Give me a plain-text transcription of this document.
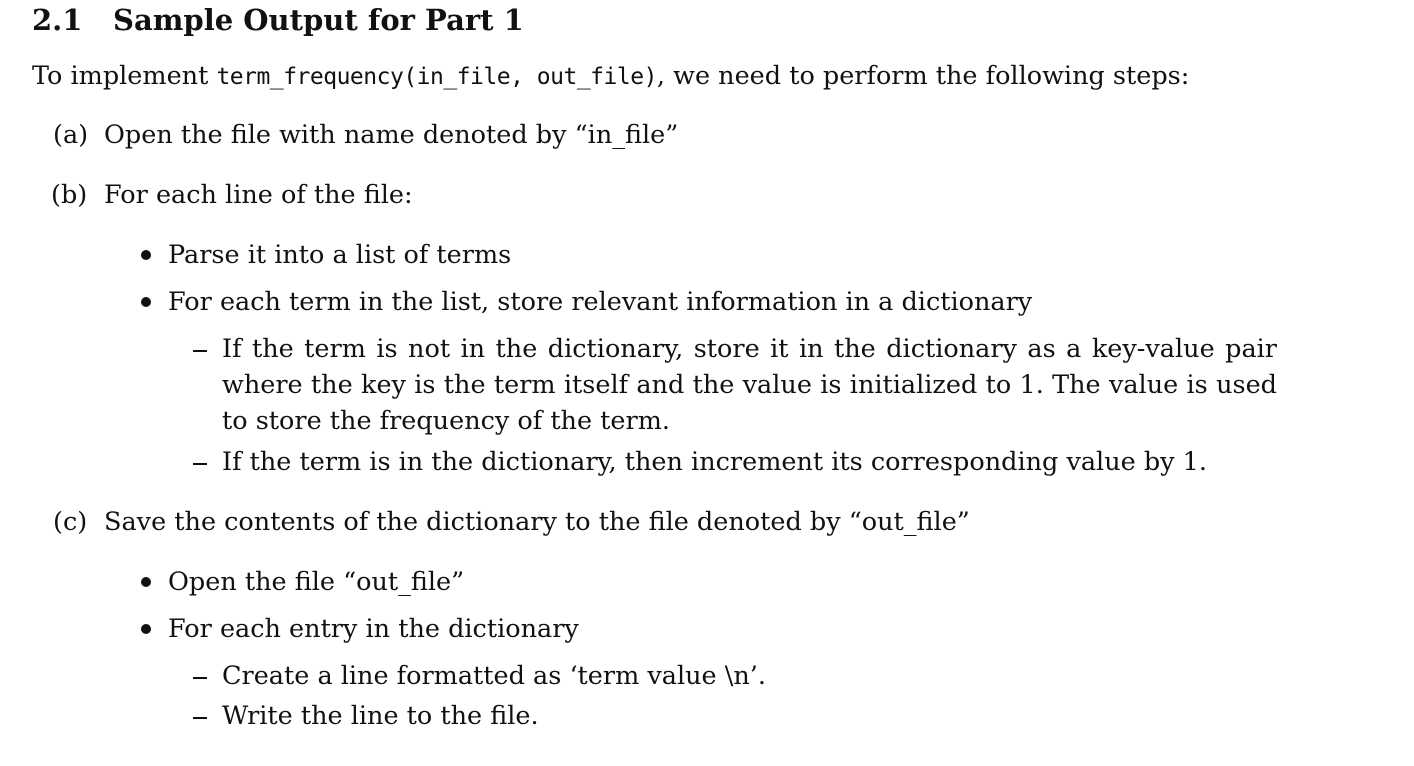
2.1 Sample Output for Part 1

To implement term_frequency(in_file, out_file), we need to perform the following steps:

(a) Open the file with name denoted by “in_file”

(b) For each line of the file:

Parse it into a list of terms

For each term in the list, store relevant information in a dictionary

If the term is not in the dictionary, store it in the dictionary as a key-value pair where the key is the term itself and the value is initialized to 1. The value is used to store the frequency of the term.

If the term is in the dictionary, then increment its corresponding value by 1.

(c) Save the contents of the dictionary to the file denoted by “out_file”

Open the file “out_file”

For each entry in the dictionary

Create a line formatted as ‘term value \n’.

Write the line to the file.
